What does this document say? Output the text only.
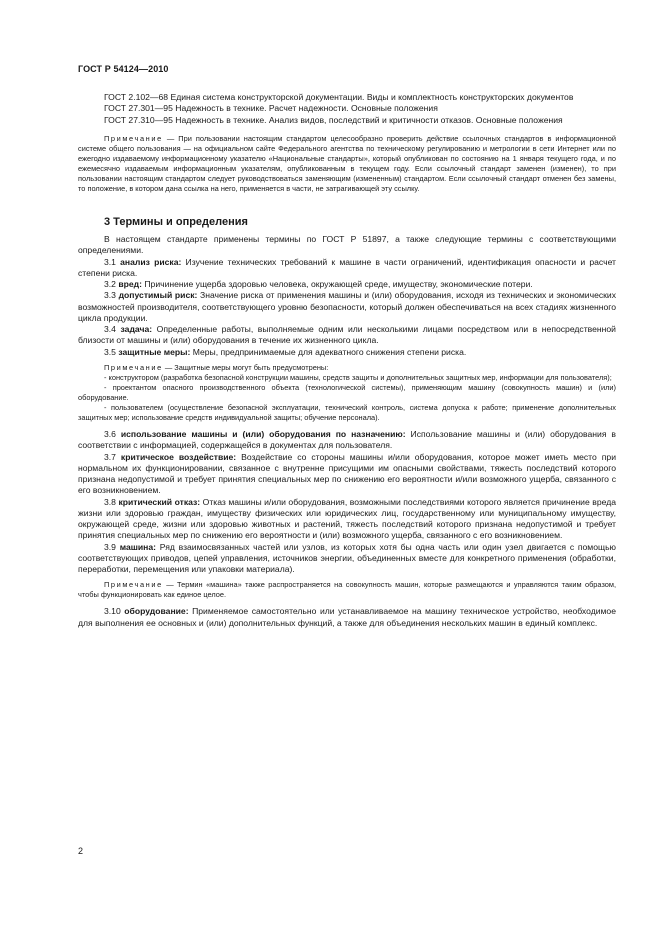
ГОСТ Р 54124—2010

ГОСТ 2.102—68 Единая система конструкторской документации. Виды и комплектность конструкторских документов

ГОСТ 27.301—95 Надежность в технике. Расчет надежности. Основные положения

ГОСТ 27.310—95 Надежность в технике. Анализ видов, последствий и критичности отказов. Основные положения

Примечание — При пользовании настоящим стандартом целесообразно проверить действие ссылочных стандартов в информационной системе общего пользования — на официальном сайте Федерального агентства по техническому регулированию и метрологии в сети Интернет или по ежегодно издаваемому информационному указателю «Национальные стандарты», который опубликован по состоянию на 1 января текущего года, и по ежемесячно издаваемым информационным указателям, опубликованным в текущем году. Если ссылочный стандарт заменен (изменен), то при пользовании настоящим стандартом следует руководствоваться заменяющим (измененным) стандартом. Если ссылочный стандарт отменен без замены, то положение, в котором дана ссылка на него, применяется в части, не затрагивающей эту ссылку.

3 Термины и определения

В настоящем стандарте применены термины по ГОСТ Р 51897, а также следующие термины с соответствующими определениями.

3.1 анализ риска: Изучение технических требований к машине в части ограничений, идентификация опасности и расчет степени риска.

3.2 вред: Причинение ущерба здоровью человека, окружающей среде, имуществу, экономические потери.

3.3 допустимый риск: Значение риска от применения машины и (или) оборудования, исходя из технических и экономических возможностей производителя, соответствующего уровню безопасности, который должен обеспечиваться на всех стадиях жизненного цикла продукции.

3.4 задача: Определенные работы, выполняемые одним или несколькими лицами посредством или в непосредственной близости от машины и (или) оборудования в течение их жизненного цикла.

3.5 защитные меры: Меры, предпринимаемые для адекватного снижения степени риска.

Примечание — Защитные меры могут быть предусмотрены:

- конструктором (разработка безопасной конструкции машины, средств защиты и дополнительных защитных мер, информации для пользователя);

- проектантом опасного производственного объекта (технологической системы), применяющим машину (совокупность машин) и (или) оборудование.

- пользователем (осуществление безопасной эксплуатации, технический контроль, система допуска к работе; применение дополнительных защитных мер; использование средств индивидуальной защиты; обучение персонала).

3.6 использование машины и (или) оборудования по назначению: Использование машины и (или) оборудования в соответствии с информацией, содержащейся в документах для пользователя.

3.7 критическое воздействие: Воздействие со стороны машины и/или оборудования, которое может иметь место при нормальном их функционировании, связанное с внутренне присущими им опасными свойствами, тяжесть последствий которого признана недопустимой и требует принятия специальных мер по снижению его вероятности и/или возможного ущерба, связанного с его возникновением.

3.8 критический отказ: Отказ машины и/или оборудования, возможными последствиями которого является причинение вреда жизни или здоровью граждан, имуществу физических или юридических лиц, государственному или муниципальному имуществу, окружающей среде, жизни или здоровью животных и растений, тяжесть последствий которого признана недопустимой и требует принятия специальных мер по снижению его вероятности и (или) возможного ущерба, связанного с его возникновением.

3.9 машина: Ряд взаимосвязанных частей или узлов, из которых хотя бы одна часть или один узел двигается с помощью соответствующих приводов, цепей управления, источников энергии, объединенных вместе для конкретного применения (обработки, переработки, перемещения или упаковки материала).

Примечание — Термин «машина» также распространяется на совокупность машин, которые размещаются и управляются таким образом, чтобы функционировать как единое целое.

3.10 оборудование: Применяемое самостоятельно или устанавливаемое на машину техническое устройство, необходимое для выполнения ее основных и (или) дополнительных функций, а также для объединения нескольких машин в единый комплекс.

2
